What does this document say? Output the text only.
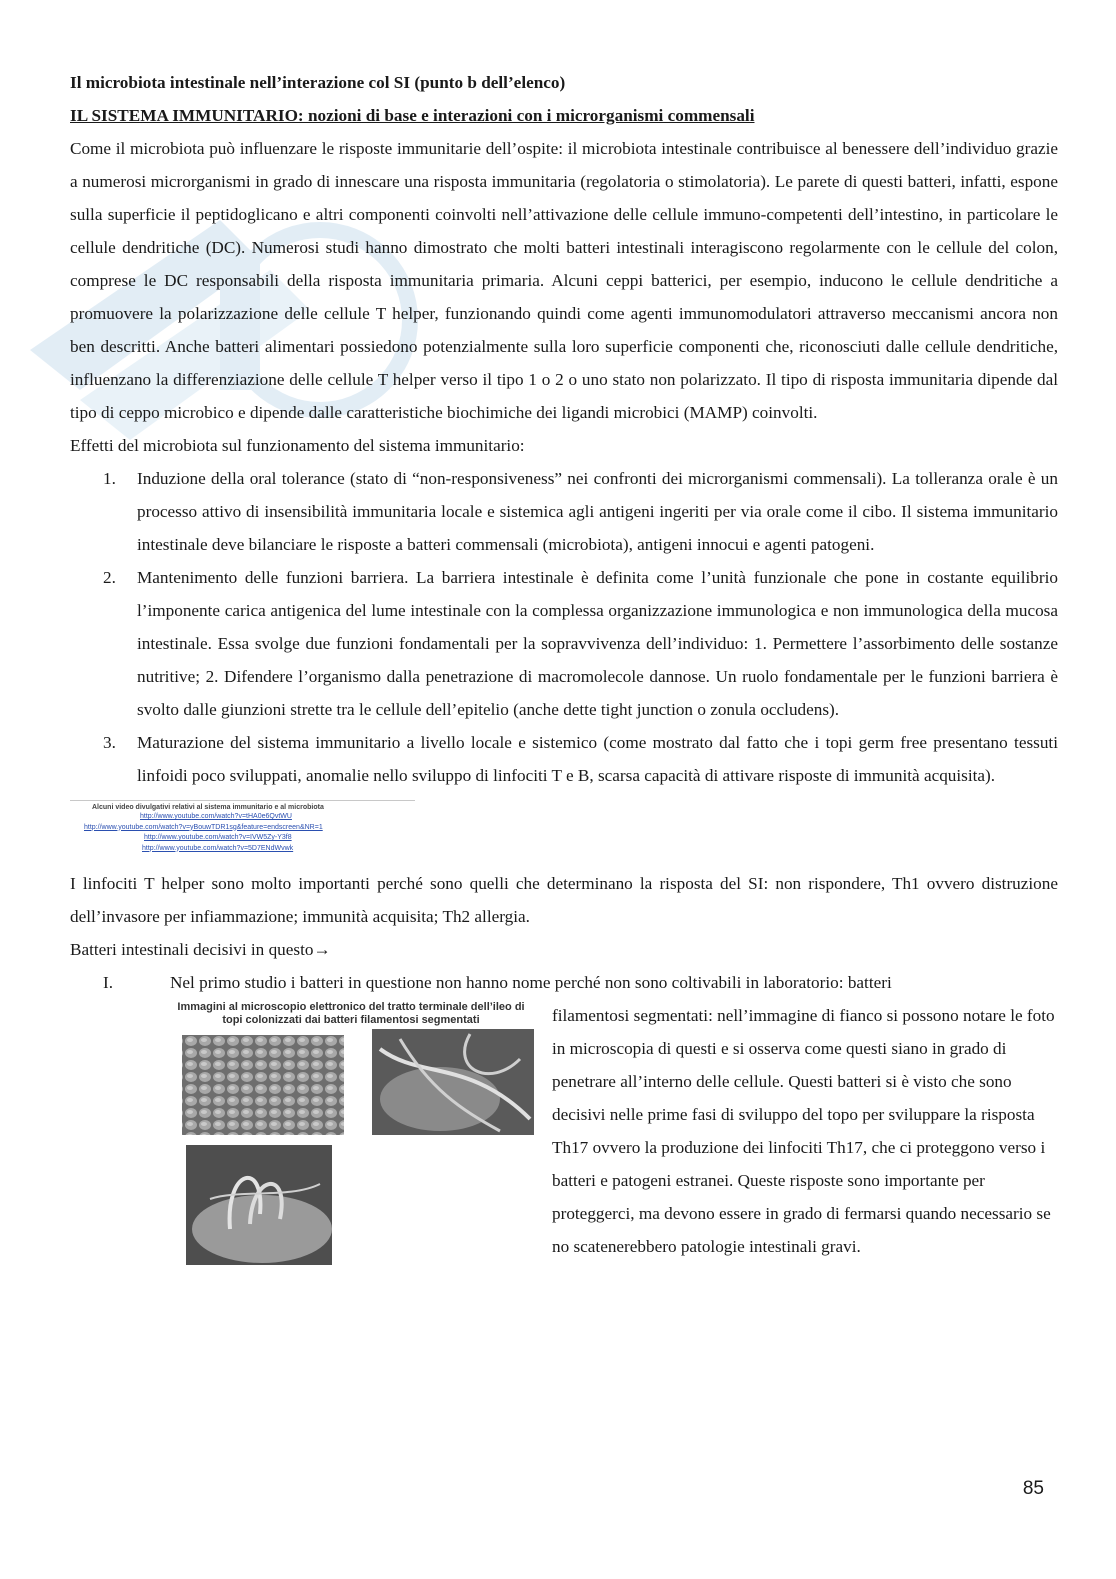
Il microbiota intestinale nell’interazione col SI (punto b dell’elenco)

IL SISTEMA IMMUNITARIO: nozioni di base e interazioni con i microrganismi commensali

Come il microbiota può influenzare le risposte immunitarie dell’ospite: il microbiota intestinale contribuisce al benessere dell’individuo grazie a numerosi microrganismi in grado di innescare una risposta immunitaria (regolatoria o stimolatoria). Le parete di questi batteri, infatti, espone sulla superficie il peptidoglicano e altri componenti coinvolti nell’attivazione delle cellule immuno-competenti dell’intestino, in particolare le cellule dendritiche (DC). Numerosi studi hanno dimostrato che molti batteri intestinali interagiscono regolarmente con le cellule del colon, comprese le DC responsabili della risposta immunitaria primaria. Alcuni ceppi batterici, per esempio, inducono le cellule dendritiche a promuovere la polarizzazione delle cellule T helper, funzionando quindi come agenti immunomodulatori attraverso meccanismi ancora non ben descritti. Anche batteri alimentari possiedono potenzialmente sulla loro superficie componenti che, riconosciuti dalle cellule dendritiche, influenzano la differenziazione delle cellule T helper verso il tipo 1 o 2 o uno stato non polarizzato. Il tipo di risposta immunitaria dipende dal tipo di ceppo microbico e dipende dalle caratteristiche biochimiche dei ligandi microbici (MAMP) coinvolti.

Effetti del microbiota sul funzionamento del sistema immunitario:

1. Induzione della oral tolerance (stato di “non-responsiveness” nei confronti dei microrganismi commensali). La tolleranza orale è un processo attivo di insensibilità immunitaria locale e sistemica agli antigeni ingeriti per via orale come il cibo. Il sistema immunitario intestinale deve bilanciare le risposte a batteri commensali (microbiota), antigeni innocui e agenti patogeni.
2. Mantenimento delle funzioni barriera. La barriera intestinale è definita come l’unità funzionale che pone in costante equilibrio l’imponente carica antigenica del lume intestinale con la complessa organizzazione immunologica e non immunologica della mucosa intestinale. Essa svolge due funzioni fondamentali per la sopravvivenza dell’individuo: 1. Permettere l’assorbimento delle sostanze nutritive; 2. Difendere l’organismo dalla penetrazione di macromolecole dannose. Un ruolo fondamentale per le funzioni barriera è svolto dalle giunzioni strette tra le cellule dell’epitelio (anche dette tight junction o zonula occludens).
3. Maturazione del sistema immunitario a livello locale e sistemico (come mostrato dal fatto che i topi germ free presentano tessuti linfoidi poco sviluppati, anomalie nello sviluppo di linfociti T e B, scarsa capacità di attivare risposte di immunità acquisita).
Alcuni video divulgativi relativi al sistema immunitario e al microbiota
http://www.youtube.com/watch?v=tHA0e6QvtWU
http://www.youtube.com/watch?v=yBouwTDR1sg&feature=endscreen&NR=1
http://www.youtube.com/watch?v=IVW5Zy-Y3f8
http://www.youtube.com/watch?v=5D7ENdWvwk

I linfociti T helper sono molto importanti perché sono quelli che determinano la risposta del SI: non rispondere, Th1 ovvero distruzione dell’invasore per infiammazione; immunità acquisita; Th2 allergia.

Batteri intestinali decisivi in questo→

I.	Nel primo studio i batteri in questione non hanno nome perché non sono coltivabili in laboratorio: batteri
Immagini al microscopio elettronico del tratto terminale dell’ileo di topi colonizzati dai batteri filamentosi segmentati	filamentosi segmentati: nell’immagine di fianco si possono notare le foto in microscopia di questi e si osserva come questi siano in grado di penetrare all’interno delle cellule. Questi batteri si è visto che sono decisivi nelle prime fasi di sviluppo del topo per sviluppare la risposta Th17 ovvero la produzione dei linfociti Th17, che ci proteggono verso i batteri e patogeni estranei. Queste risposte sono importante per proteggerci, ma devono essere in grado di fermarsi quando necessario se no scatenerebbero patologie intestinali gravi.
85
